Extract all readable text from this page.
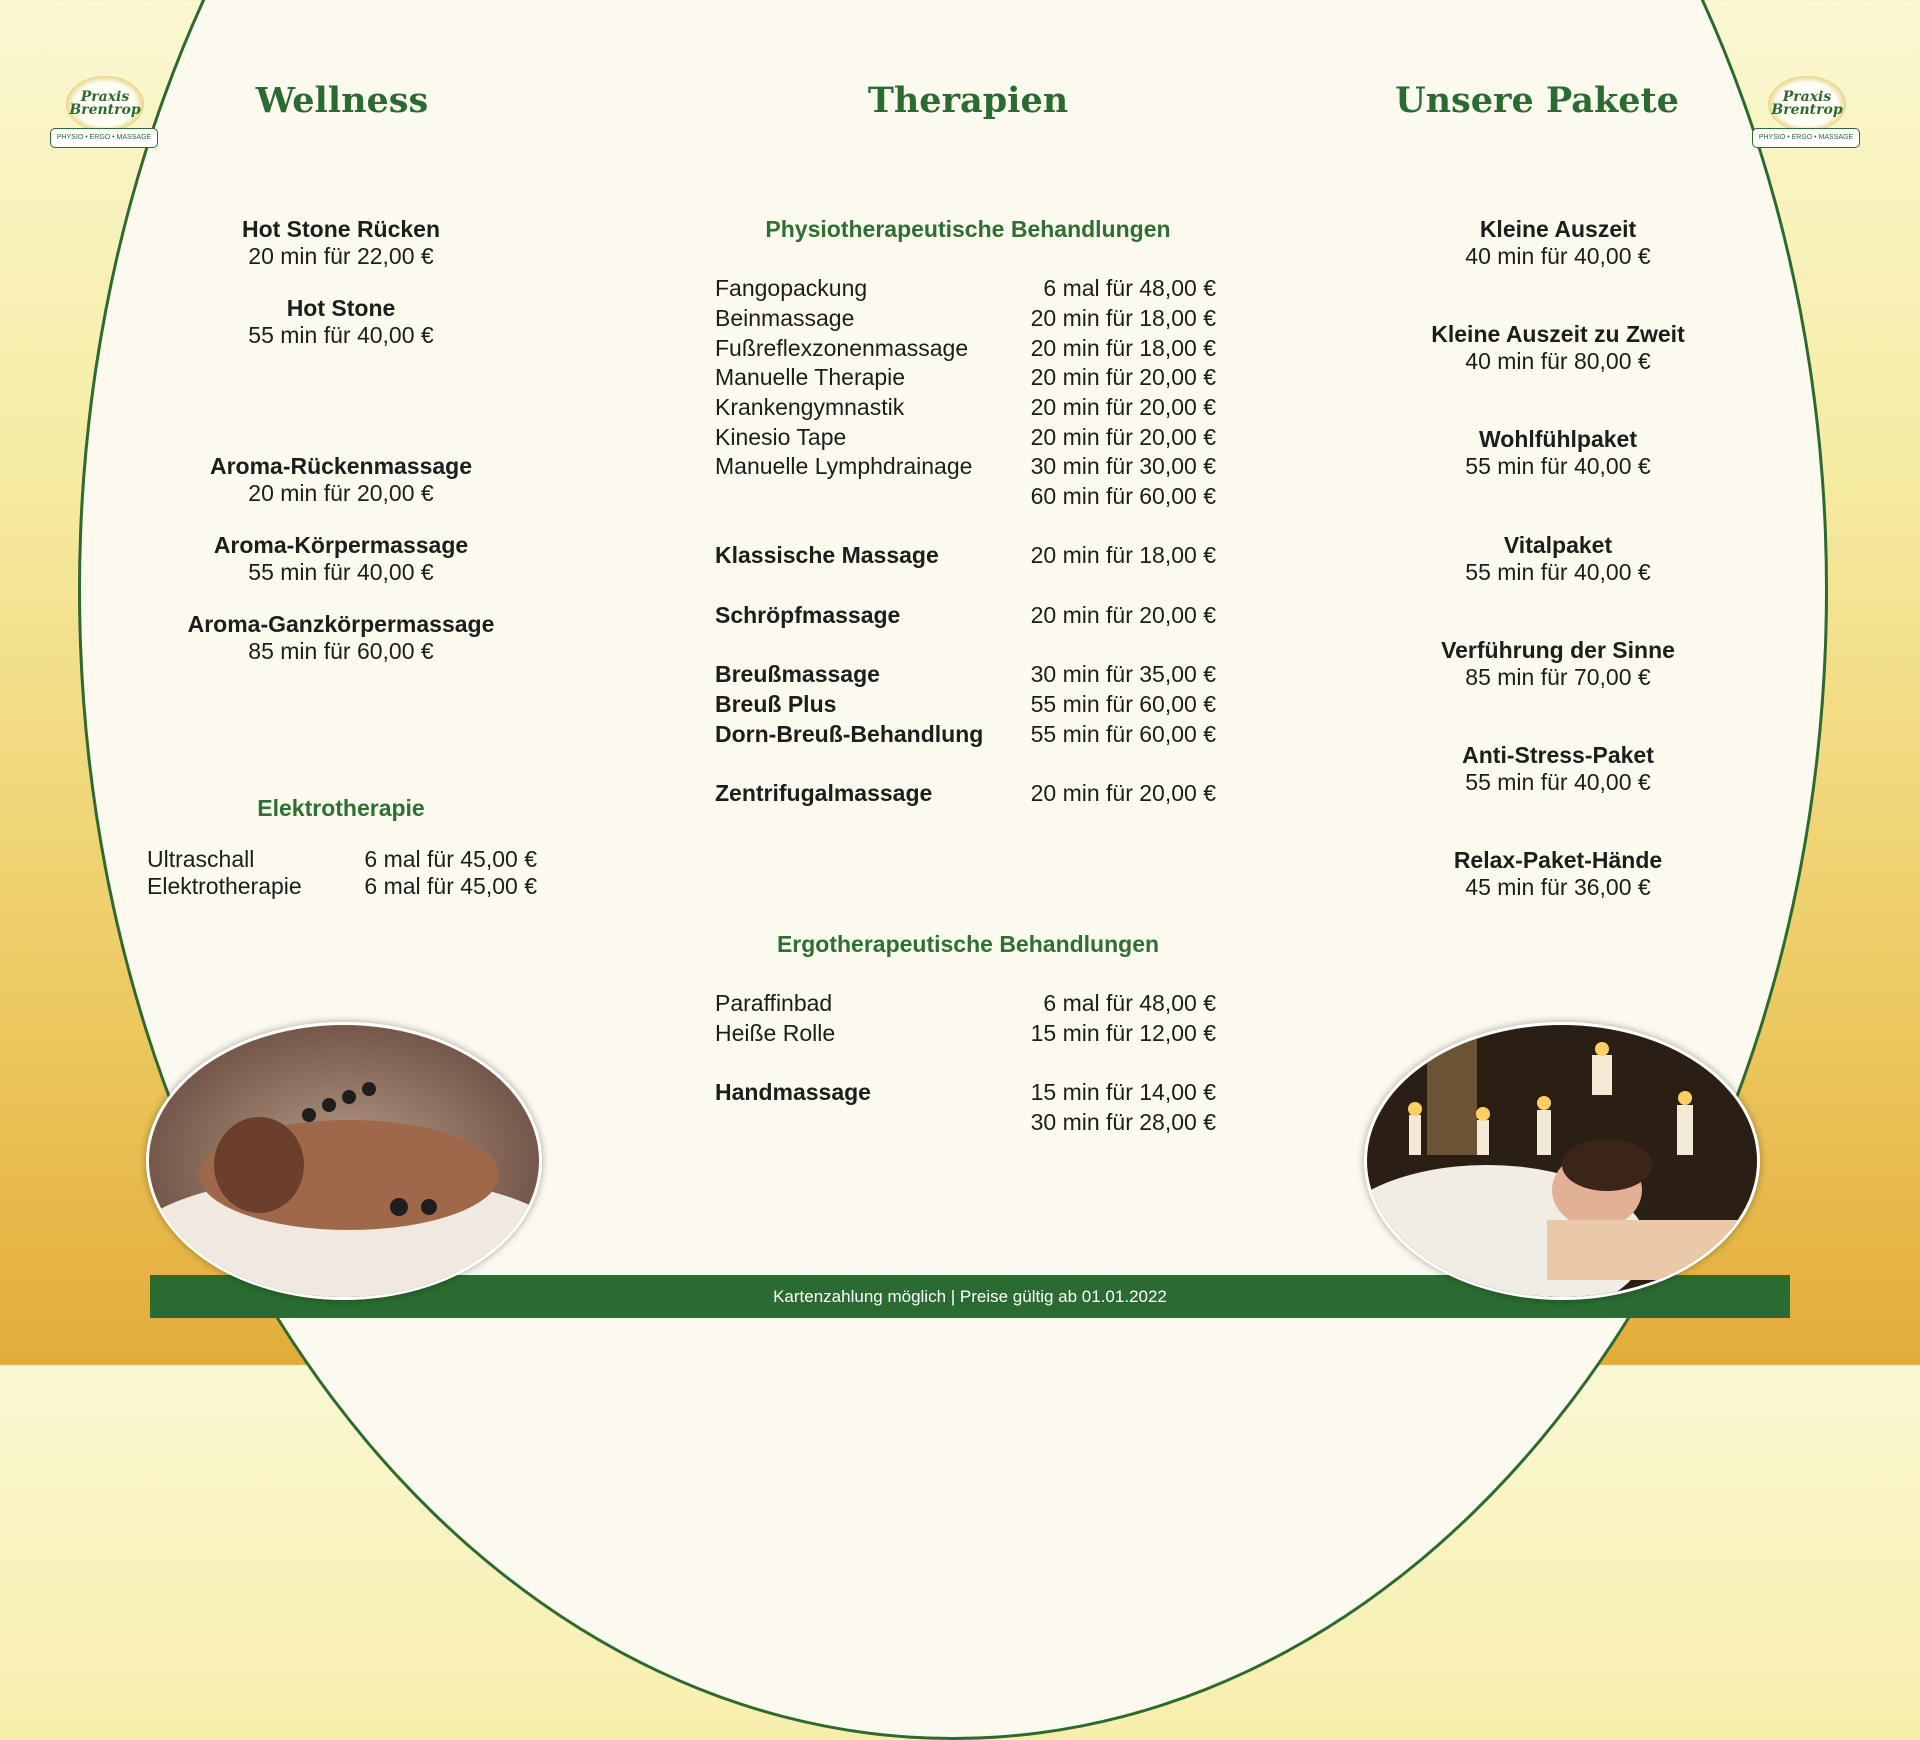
Praxis
Brentrop
PHYSIO • ERGO • MASSAGE
Praxis
Brentrop
PHYSIO • ERGO • MASSAGE
Wellness	Therapien	Unsere Pakete
Hot Stone Rücken
20 min für 22,00 €
Hot Stone
55 min für 40,00 €
Aroma-Rückenmassage
20 min für 20,00 €
Aroma-Körpermassage
55 min für 40,00 €
Aroma-Ganzkörpermassage
85 min für 60,00 €
Elektrotherapie
Ultraschall	6 mal für 45,00 €
Elektrotherapie	6 mal für 45,00 €
Physiotherapeutische Behandlungen
Fangopackung	6 mal für 48,00 €
Beinmassage	20 min für 18,00 €
Fußreflexzonenmassage	20 min für 18,00 €
Manuelle Therapie	20 min für 20,00 €
Krankengymnastik	20 min für 20,00 €
Kinesio Tape	20 min für 20,00 €
Manuelle Lymphdrainage	30 min für 30,00 €
60 min für 60,00 €
Klassische Massage	20 min für 18,00 €
Schröpfmassage	20 min für 20,00 €
Breußmassage	30 min für 35,00 €
Breuß Plus	55 min für 60,00 €
Dorn-Breuß-Behandlung 55 min für 60,00 €
Zentrifugalmassage	20 min für 20,00 €
Ergotherapeutische Behandlungen
Paraffinbad	6 mal für 48,00 €
Heiße Rolle	15 min für 12,00 €
Handmassage	15 min für 14,00 €
30 min für 28,00 €
Kleine Auszeit
40 min für 40,00 €
Kleine Auszeit zu Zweit
40 min für 80,00 €
Wohlfühlpaket
55 min für 40,00 €
Vitalpaket
55 min für 40,00 €
Verführung der Sinne
85 min für 70,00 €
Anti-Stress-Paket
55 min für 40,00 €
Relax-Paket-Hände
45 min für 36,00 €
Kartenzahlung möglich | Preise gültig ab 01.01.2022
